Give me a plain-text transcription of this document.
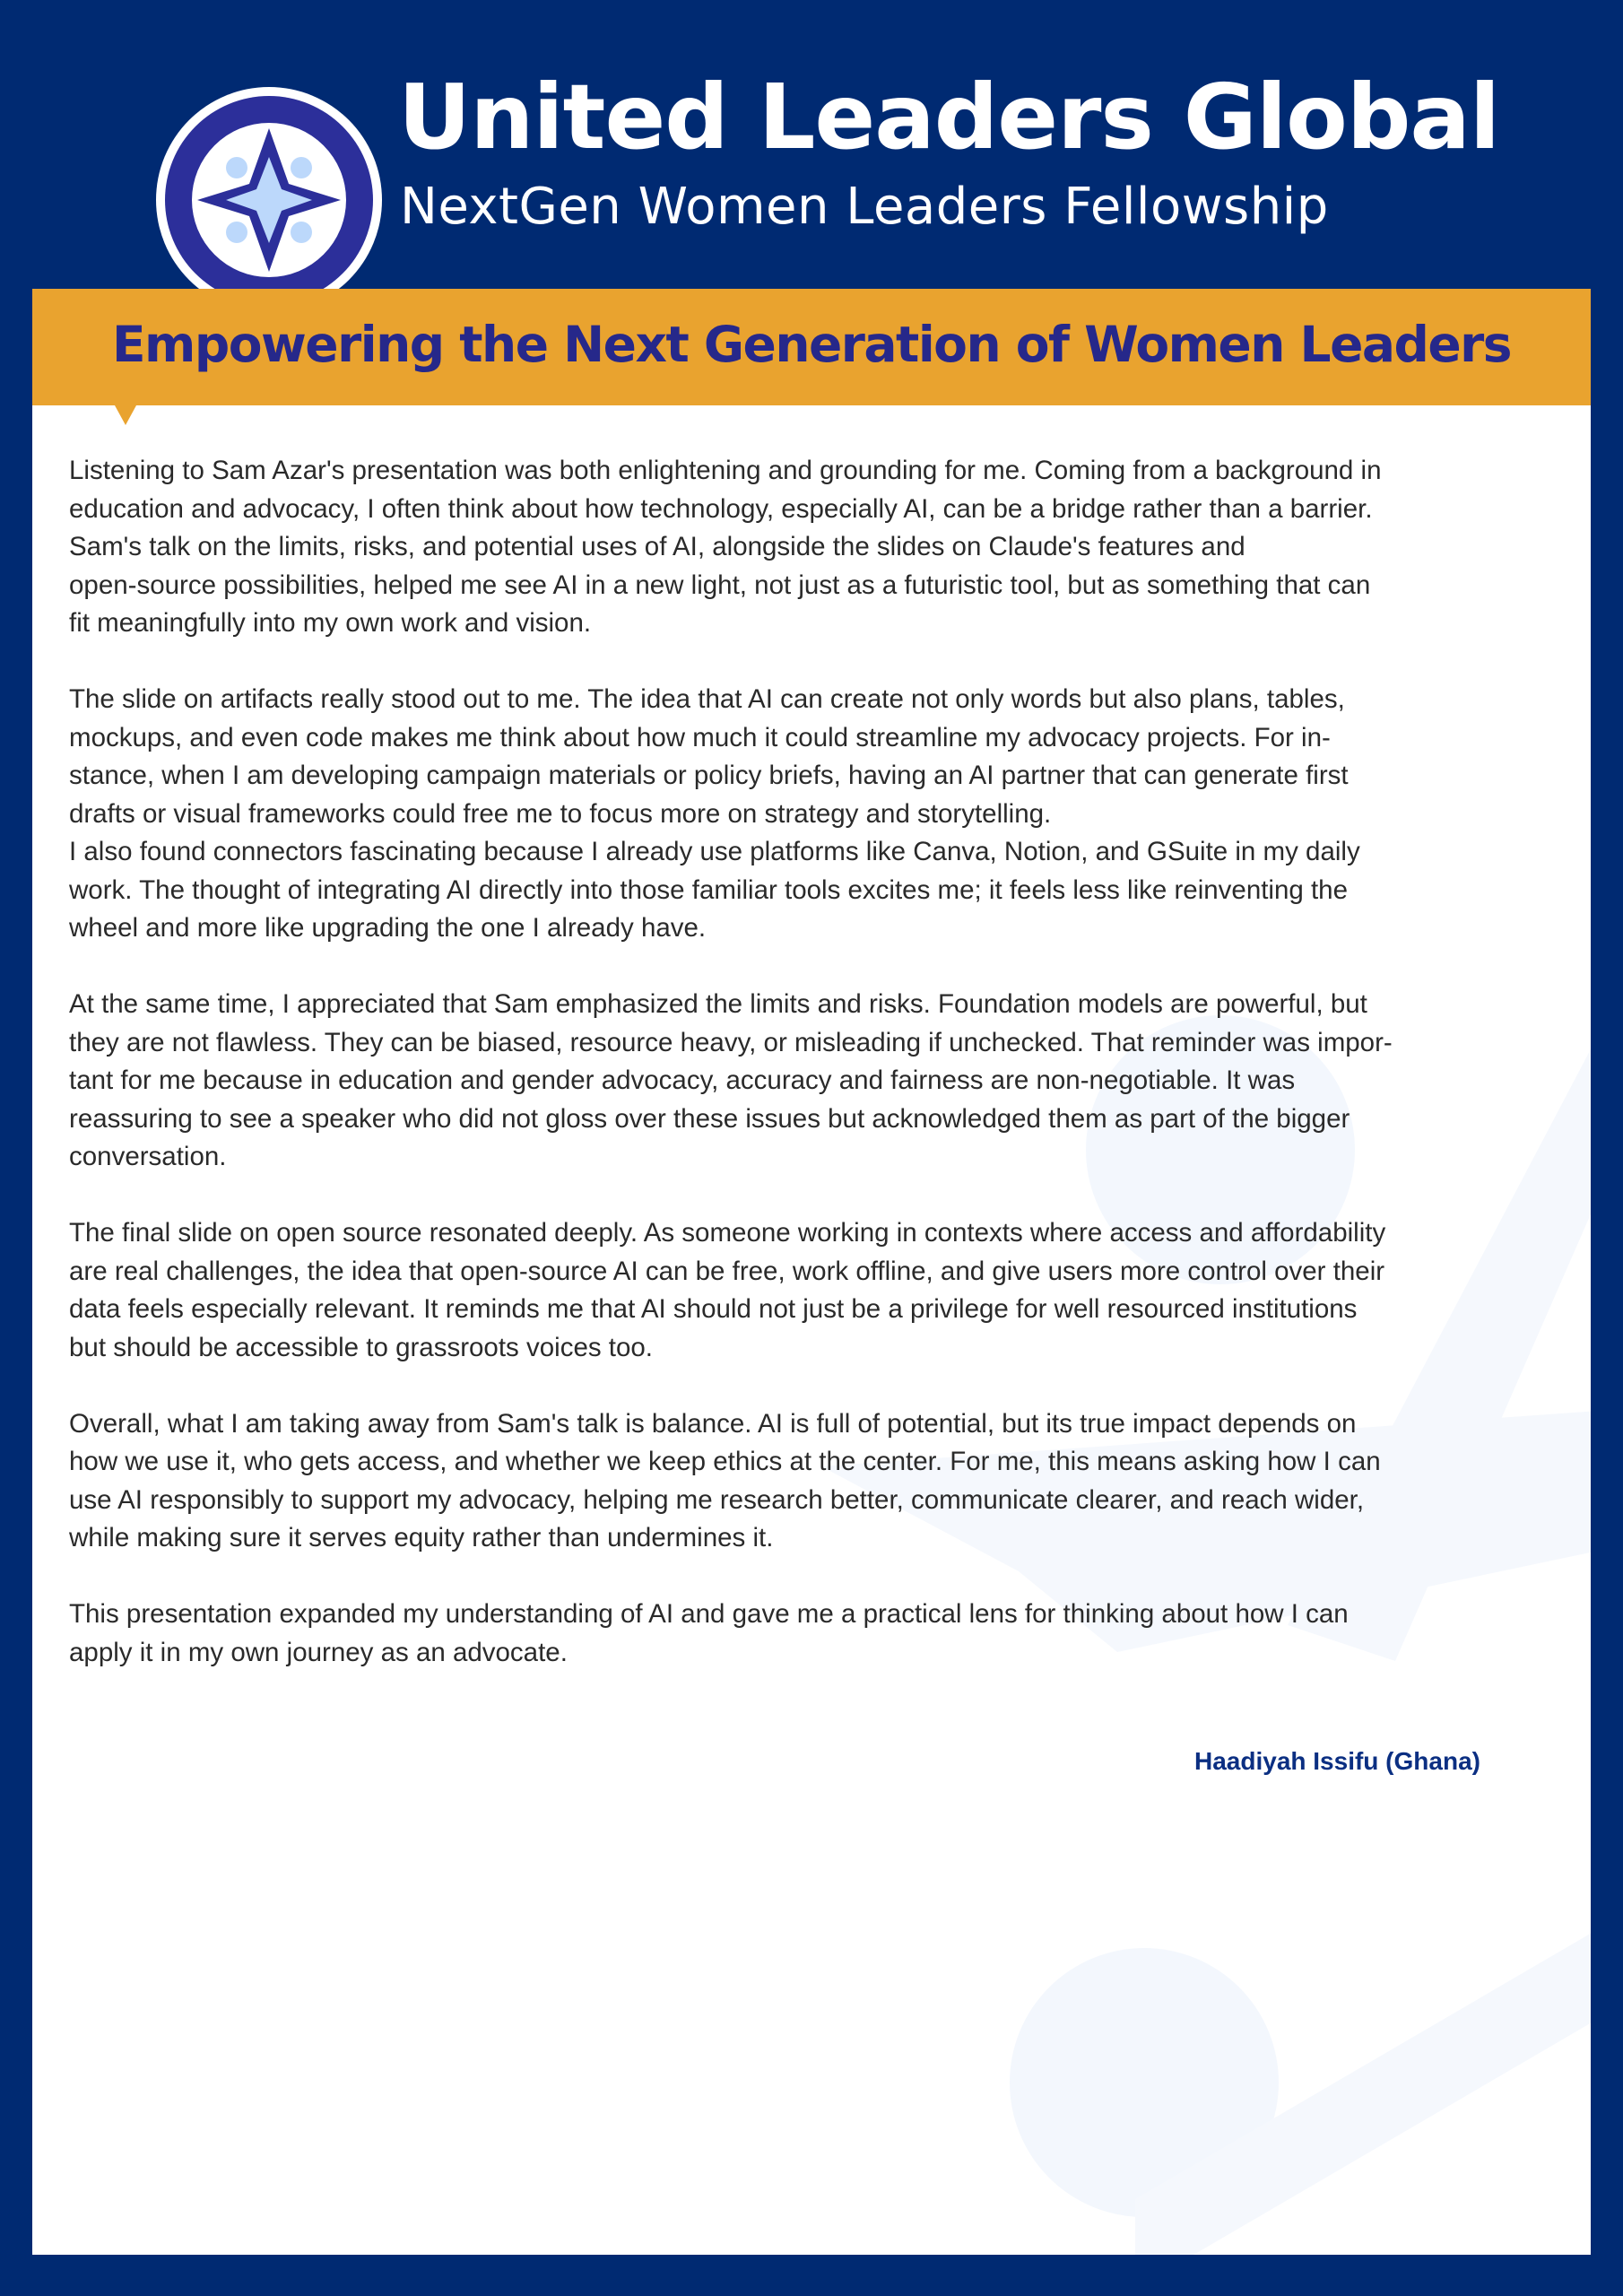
United Leaders Global
NextGen Women Leaders Fellowship
Empowering the Next Generation of Women Leaders

Listening to Sam Azar's presentation was both enlightening and grounding for me. Coming from a background in
education and advocacy, I often think about how technology, especially AI, can be a bridge rather than a barrier.
Sam's talk on the limits, risks, and potential uses of AI, alongside the slides on Claude's features and
open-source possibilities, helped me see AI in a new light, not just as a futuristic tool, but as something that can
fit meaningfully into my own work and vision.

The slide on artifacts really stood out to me. The idea that AI can create not only words but also plans, tables,
mockups, and even code makes me think about how much it could streamline my advocacy projects. For in-
stance, when I am developing campaign materials or policy briefs, having an AI partner that can generate first
drafts or visual frameworks could free me to focus more on strategy and storytelling.

I also found connectors fascinating because I already use platforms like Canva, Notion, and GSuite in my daily
work. The thought of integrating AI directly into those familiar tools excites me; it feels less like reinventing the
wheel and more like upgrading the one I already have.

At the same time, I appreciated that Sam emphasized the limits and risks. Foundation models are powerful, but
they are not flawless. They can be biased, resource heavy, or misleading if unchecked. That reminder was impor-
tant for me because in education and gender advocacy, accuracy and fairness are non-negotiable. It was
reassuring to see a speaker who did not gloss over these issues but acknowledged them as part of the bigger
conversation.

The final slide on open source resonated deeply. As someone working in contexts where access and affordability
are real challenges, the idea that open-source AI can be free, work offline, and give users more control over their
data feels especially relevant. It reminds me that AI should not just be a privilege for well resourced institutions
but should be accessible to grassroots voices too.

Overall, what I am taking away from Sam's talk is balance. AI is full of potential, but its true impact depends on
how we use it, who gets access, and whether we keep ethics at the center. For me, this means asking how I can
use AI responsibly to support my advocacy, helping me research better, communicate clearer, and reach wider,
while making sure it serves equity rather than undermines it.

This presentation expanded my understanding of AI and gave me a practical lens for thinking about how I can
apply it in my own journey as an advocate.

Haadiyah Issifu (Ghana)
